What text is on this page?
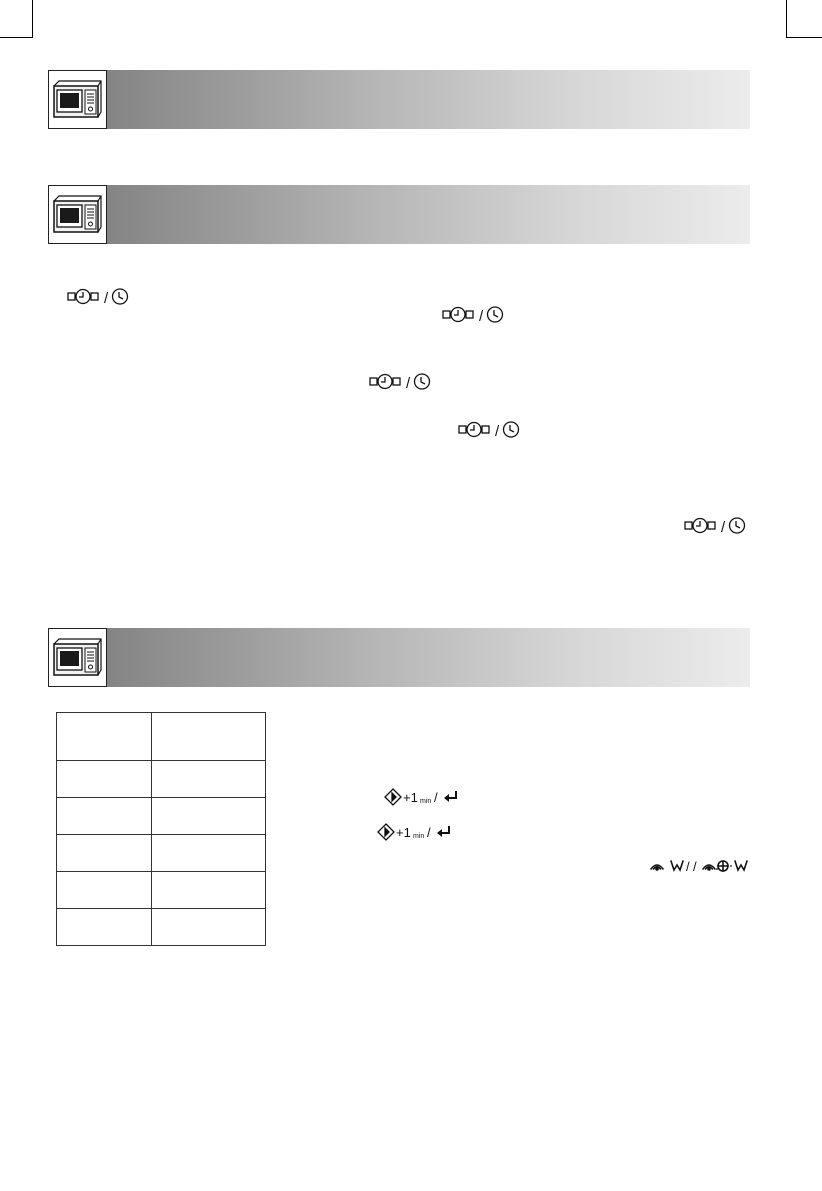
/
/
/
/
/
+1 min /
+1 min /
/ /
